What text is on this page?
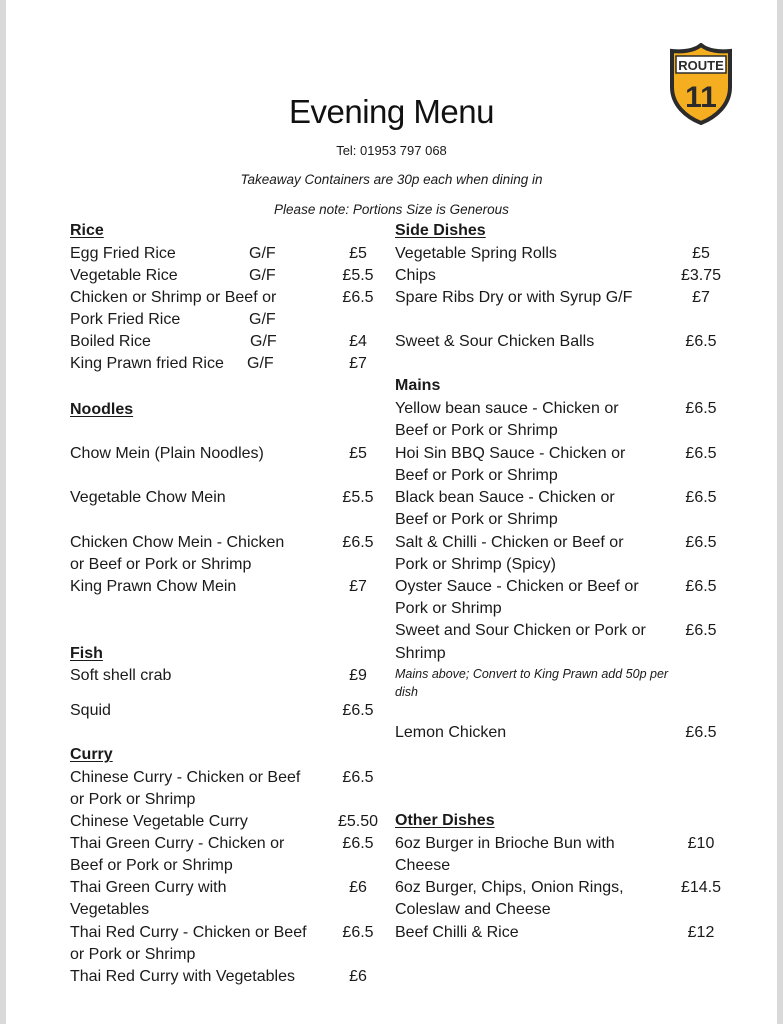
ROUTE
11
Evening Menu
Tel: 01953 797 068
Takeaway Containers are 30p each when dining in
Please note: Portions Size is Generous
Rice
Egg Fried Rice	G/F	£5
Vegetable Rice	G/F	£5.5
Chicken or Shrimp or Beef or	£6.5
Pork Fried Rice	G/F
Boiled Rice	G/F	£4
King Prawn fried Rice G/F	£7
Noodles
Chow Mein (Plain Noodles)	£5
Vegetable Chow Mein	£5.5
Chicken Chow Mein - Chicken
or Beef or Pork or Shrimp
£6.5
King Prawn Chow Mein	£7
Fish
Soft shell crab	£9
Squid	£6.5
Curry
Chinese Curry - Chicken or Beef
or Pork or Shrimp
£6.5
Chinese Vegetable Curry	£5.50
Thai Green Curry - Chicken or
Beef or Pork or Shrimp
£6.5
Thai Green Curry with
Vegetables
£6
Thai Red Curry - Chicken or Beef
or Pork or Shrimp
£6.5
Thai Red Curry with Vegetables	£6
Side Dishes
Vegetable Spring Rolls	£5
Chips	£3.75
Spare Ribs Dry or with Syrup G/F	£7
Sweet & Sour Chicken Balls	£6.5
Mains
Yellow bean sauce - Chicken or
Beef or Pork or Shrimp
£6.5
Hoi Sin BBQ Sauce - Chicken or
Beef or Pork or Shrimp
£6.5
Black bean Sauce - Chicken or
Beef or Pork or Shrimp
£6.5
Salt & Chilli - Chicken or Beef or
Pork or Shrimp (Spicy)
£6.5
Oyster Sauce - Chicken or Beef or
Pork or Shrimp
£6.5
Sweet and Sour Chicken or Pork or
Shrimp
£6.5
Mains above; Convert to King Prawn add 50p per dish
Lemon Chicken	£6.5
Other Dishes
6oz Burger in Brioche Bun with
Cheese
£10
6oz Burger, Chips, Onion Rings,
Coleslaw and Cheese
£14.5
Beef Chilli & Rice	£12
